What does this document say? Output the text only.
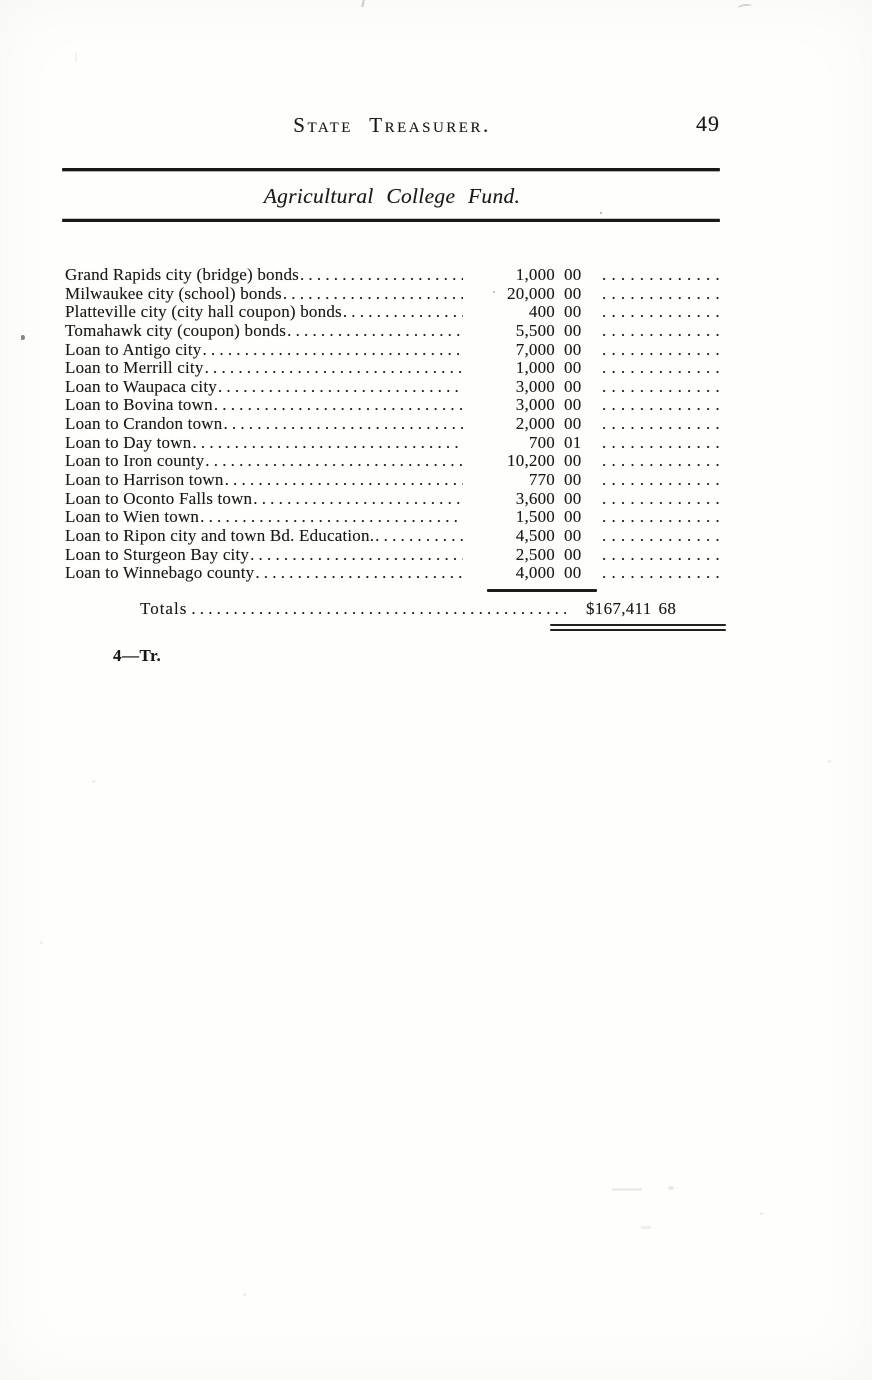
State Treasurer.	49
Agricultural College Fund.
Grand Rapids city (bridge) bonds .....	1,000 00
.....
Milwaukee city (school) bonds .....	20,000 00
.....
Platteville city (city hall coupon) bonds .....	400 00
.....
Tomahawk city (coupon) bonds .....	5,500 00
.....
Loan to Antigo city .....	7,000 00
.....
Loan to Merrill city .....	1,000 00
.....
Loan to Waupaca city .....	3,000 00
.....
Loan to Bovina town .....	3,000 00
.....
Loan to Crandon town .....	2,000 00
.....
Loan to Day town .....	700 01
.....
Loan to Iron county .....	10,200 00
.....
Loan to Harrison town .....	770 00
.....
Loan to Oconto Falls town .....	3,600 00
.....
Loan to Wien town .....	1,500 00
.....
Loan to Ripon city and town Bd. Education. .....	4,500 00
.....
Loan to Sturgeon Bay city .....	2,500 00
.....
Loan to Winnebago county .....	4,000 00
.....
Totals .....	$167,411 68
4—Tr.
